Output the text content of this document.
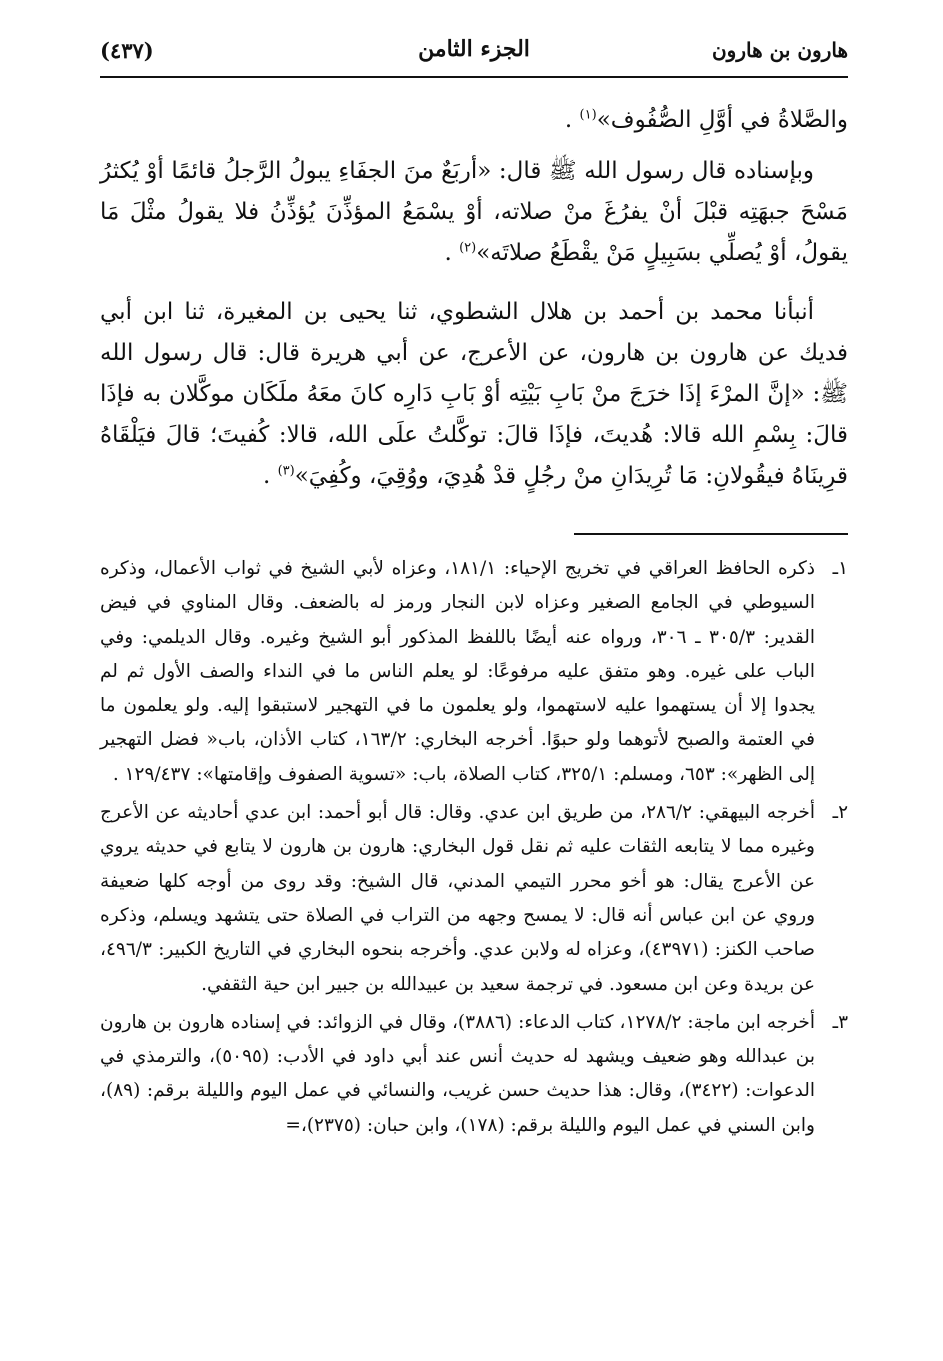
هارون بن هارون
الجزء الثامن
(٤٣٧)

والصَّلاةُ في أوَّلِ الصُّفُوف»$^{(١)}$ .

وبإسناده قال رسول الله ﷺ قال: «أربَعٌ منَ الجفَاءِ يبولُ الرَّجلُ قائمًا أوْ يُكثرُ مَسْحَ جبهَتِه قبْلَ أنْ يفرُغَ منْ صلاته، أوْ يسْمَعُ المؤذِّنَ يُؤذِّنُ فلا يقولُ مثْلَ مَا يقولُ، أوْ يُصلِّي بسَبِيلٍ مَنْ يقْطَعُ صلاتَه»$^{(٢)}$ .

أنبأنا محمد بن أحمد بن هلال الشطوي، ثنا يحيى بن المغيرة، ثنا ابن أبي فديك عن هارون بن هارون، عن الأعرج، عن أبي هريرة قال: قال رسول الله ﷺ: «إنَّ المرْءَ إذَا خرَجَ منْ بَابِ بَيْتِه أوْ بَابِ دَارِه كانَ معَهُ ملَكَان موكَّلان به فإذَا قالَ: بِسْمِ الله قالا: هُديتَ، فإذَا قالَ: توكَّلتُ علَى الله، قالا: كُفيتَ؛ قالَ فيَلْقَاهُ قرِينَاهُ فيقُولانِ: مَا تُرِيدَانِ منْ رجُلٍ قدْ هُدِيَ، ووُقِيَ، وكُفِيَ»$^{(٣)}$ .

١ـ
ذكره الحافظ العراقي في تخريج الإحياء: ١٨١/١، وعزاه لأبي الشيخ في ثواب الأعمال، وذكره السيوطي في الجامع الصغير وعزاه لابن النجار ورمز له بالضعف. وقال المناوي في فيض القدير: ٣٠٥/٣ ـ ٣٠٦، ورواه عنه أيضًا باللفظ المذكور أبو الشيخ وغيره. وقال الديلمي: وفي الباب على غيره. وهو متفق عليه مرفوعًا: لو يعلم الناس ما في النداء والصف الأول ثم لم يجدوا إلا أن يستهموا عليه لاستهموا، ولو يعلمون ما في التهجير لاستبقوا إليه. ولو يعلمون ما في العتمة والصبح لأتوهما ولو حبوًا. أخرجه البخاري: ١٦٣/٢، كتاب الأذان، باب« فضل التهجير إلى الظهر»: ٦٥٣، ومسلم: ٣٢٥/١، كتاب الصلاة، باب: «تسوية الصفوف وإقامتها»: ١٢٩/٤٣٧ .

٢ـ
أخرجه البيهقي: ٢٨٦/٢، من طريق ابن عدي. وقال: قال أبو أحمد: ابن عدي أحاديثه عن الأعرج وغيره مما لا يتابعه الثقات عليه ثم نقل قول البخاري: هارون بن هارون لا يتابع في حديثه يروي عن الأعرج يقال: هو أخو محرر التيمي المدني، قال الشيخ: وقد روى من أوجه كلها ضعيفة وروي عن ابن عباس أنه قال: لا يمسح وجهه من التراب في الصلاة حتى يتشهد ويسلم، وذكره صاحب الكنز: (٤٣٩٧١)، وعزاه له ولابن عدي. وأخرجه بنحوه البخاري في التاريخ الكبير: ٤٩٦/٣، عن بريدة وعن ابن مسعود. في ترجمة سعيد بن عبيدالله بن جبير ابن حية الثقفي.

٣ـ
أخرجه ابن ماجة: ١٢٧٨/٢، كتاب الدعاء: (٣٨٨٦)، وقال في الزوائد: في إسناده هارون بن هارون بن عبدالله وهو ضعيف ويشهد له حديث أنس عند أبي داود في الأدب: (٥٠٩٥)، والترمذي في الدعوات: (٣٤٢٢)، وقال: هذا حديث حسن غريب، والنسائي في عمل اليوم والليلة برقم: (٨٩)، وابن السني في عمل اليوم والليلة برقم: (١٧٨)، وابن حبان: (٢٣٧٥)،=
